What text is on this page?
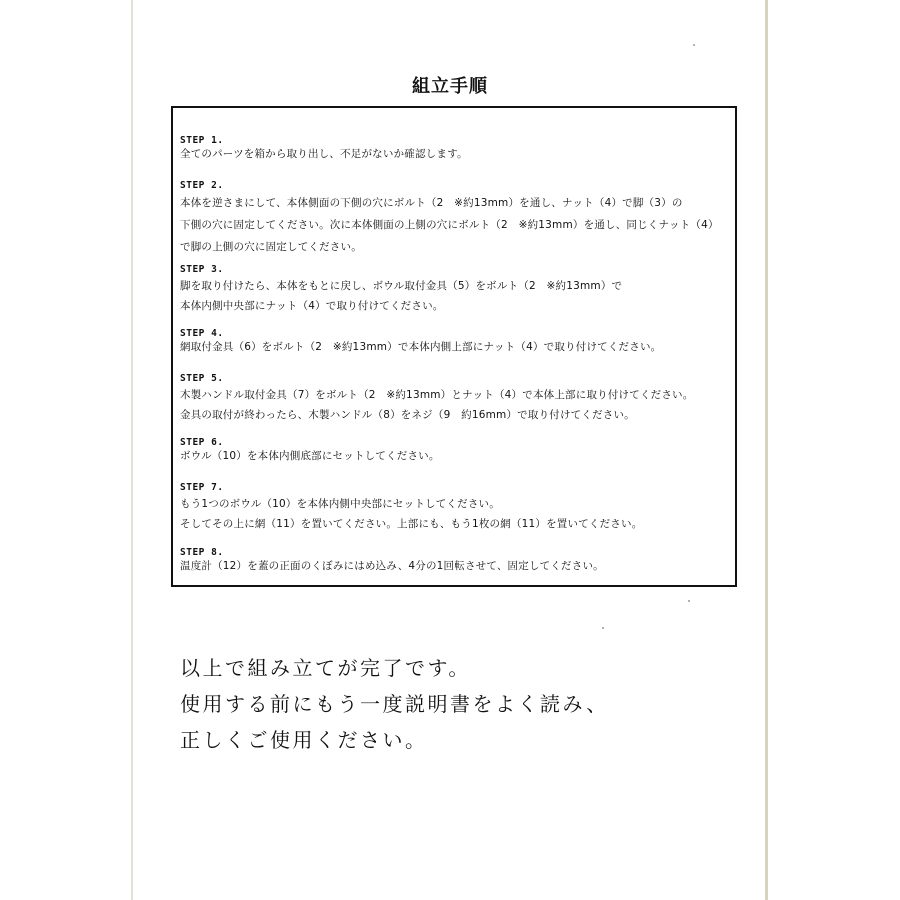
組立手順
STEP 1.
全てのパーツを箱から取り出し、不足がないか確認します。
STEP 2.
本体を逆さまにして、本体側面の下側の穴にボルト（2　※約13mm）を通し、ナット（4）で脚（3）の
下側の穴に固定してください。次に本体側面の上側の穴にボルト（2　※約13mm）を通し、同じくナット（4）
で脚の上側の穴に固定してください。
STEP 3.
脚を取り付けたら、本体をもとに戻し、ボウル取付金具（5）をボルト（2　※約13mm）で
本体内側中央部にナット（4）で取り付けてください。
STEP 4.
網取付金具（6）をボルト（2　※約13mm）で本体内側上部にナット（4）で取り付けてください。
STEP 5.
木製ハンドル取付金具（7）をボルト（2　※約13mm）とナット（4）で本体上部に取り付けてください。
金具の取付が終わったら、木製ハンドル（8）をネジ（9　約16mm）で取り付けてください。
STEP 6.
ボウル（10）を本体内側底部にセットしてください。
STEP 7.
もう1つのボウル（10）を本体内側中央部にセットしてください。
そしてその上に網（11）を置いてください。上部にも、もう1枚の網（11）を置いてください。
STEP 8.
温度計（12）を蓋の正面のくぼみにはめ込み、4分の1回転させて、固定してください。
以上で組み立てが完了です。
使用する前にもう一度説明書をよく読み、
正しくご使用ください。
